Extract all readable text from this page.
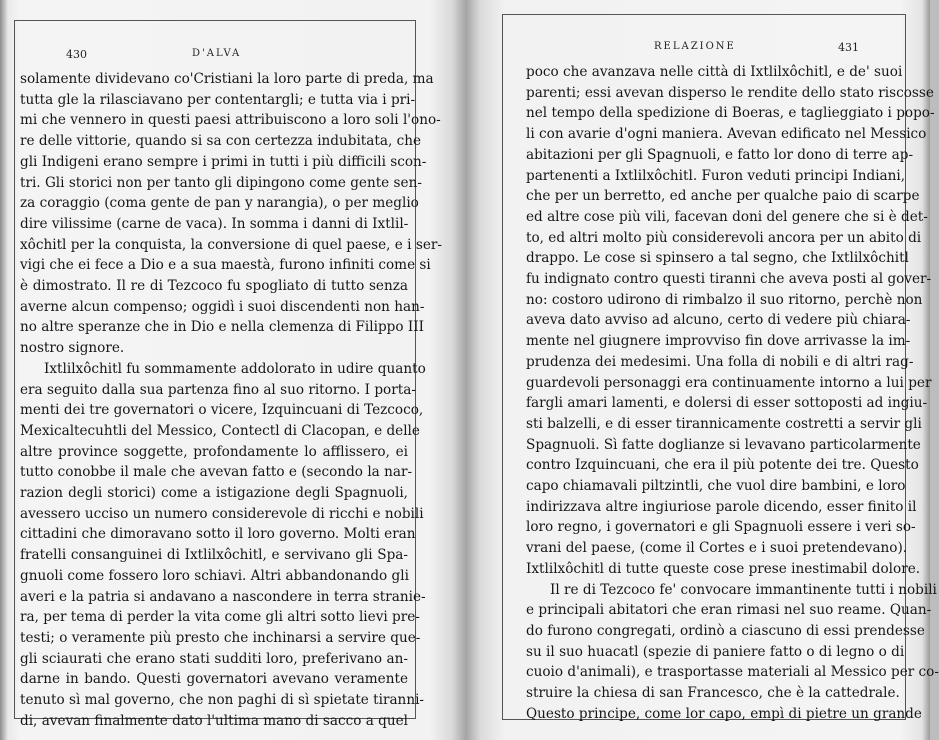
430	D'ALVA
solamente dividevano co'Cristiani la loro parte di preda, ma
tutta gle la rilasciavano per contentargli; e tutta via i pri-
mi che vennero in questi paesi attribuiscono a loro soli l'ono-
re delle vittorie, quando si sa con certezza indubitata, che
gli Indigeni erano sempre i primi in tutti i più difficili scon-
tri. Gli storici non per tanto gli dipingono come gente sen-
za coraggio (coma gente de pan y narangia), o per meglio
dire vilissime (carne de vaca). In somma i danni di Ixtlil-
xôchitl per la conquista, la conversione di quel paese, e i ser-
vigi che ei fece a Dio e a sua maestà, furono infiniti come si
è dimostrato. Il re di Tezcoco fu spogliato di tutto senza
averne alcun compenso; oggidì i suoi discendenti non han-
no altre speranze che in Dio e nella clemenza di Filippo III
nostro signore.
Ixtlilxôchitl fu sommamente addolorato in udire quanto
era seguito dalla sua partenza fino al suo ritorno. I porta-
menti dei tre governatori o vicere, Izquincuani di Tezcoco,
Mexicaltecuhtli del Messico, Contectl di Clacopan, e delle
altre province soggette, profondamente lo afflissero, ei
tutto conobbe il male che avevan fatto e (secondo la nar-
razion degli storici) come a istigazione degli Spagnuoli,
avessero ucciso un numero considerevole di ricchi e nobili
cittadini che dimoravano sotto il loro governo. Molti eran
fratelli consanguinei di Ixtlilxôchitl, e servivano gli Spa-
gnuoli come fossero loro schiavi. Altri abbandonando gli
averi e la patria si andavano a nascondere in terra straniе-
ra, per tema di perder la vita come gli altri sotto lievi pre-
testi; o veramente più presto che inchinarsi a servire que-
gli sciaurati che erano stati sudditi loro, preferivano an-
darne in bando. Questi governatori avevano veramente
tenuto sì mal governo, che non paghi di sì spietate tiranni-
di, avevan finalmente dato l'ultima mano di sacco a quel
RELAZIONE	431
poco che avanzava nelle città di Ixtlilxôchitl, e de' suoi
parenti; essi avevan disperso le rendite dello stato riscosse
nel tempo della spedizione di Boeras, e taglieggiato i popo-
li con avarie d'ogni maniera. Avevan edificato nel Messico
abitazioni per gli Spagnuoli, e fatto lor dono di terre ap-
partenenti a Ixtlilxôchitl. Furon veduti principi Indiani,
che per un berretto, ed anche per qualche paio di scarpe
ed altre cose più vili, facevan doni del genere che si è det-
to, ed altri molto più considerevoli ancora per un abito di
drappo. Le cose si spinsero a tal segno, che Ixtlilxôchitl
fu indignato contro questi tiranni che aveva posti al gover-
no: costoro udirono di rimbalzo il suo ritorno, perchè non
aveva dato avviso ad alcuno, certo di vedere più chiara-
mente nel giugnere improvviso fin dove arrivasse la im-
prudenza dei medesimi. Una folla di nobili e di altri rag-
guardevoli personaggi era continuamente intorno a lui per
fargli amari lamenti, e dolersi di esser sottoposti ad ingiu-
sti balzelli, e di esser tirannicamente costretti a servir gli
Spagnuoli. Sì fatte doglianze si levavano particolarmente
contro Izquincuani, che era il più potente dei tre. Questo
capo chiamavali piltzintli, che vuol dire bambini, e loro
indirizzava altre ingiuriose parole dicendo, esser finito il
loro regno, i governatori e gli Spagnuoli essere i veri so-
vrani del paese, (come il Cortes e i suoi pretendevano).
Ixtlilxôchitl di tutte queste cose prese inestimabil dolore.
Il re di Tezcoco fe' convocare immantinente tutti i nobili
e principali abitatori che eran rimasi nel suo reame. Quan-
do furono congregati, ordinò a ciascuno di essi prendesse
su il suo huacatl (spezie di paniere fatto o di legno o di
cuoio d'animali), e trasportasse materiali al Messico per co-
struire la chiesa di san Francesco, che è la cattedrale.
Questo principe, come lor capo, empì di pietre un grande
